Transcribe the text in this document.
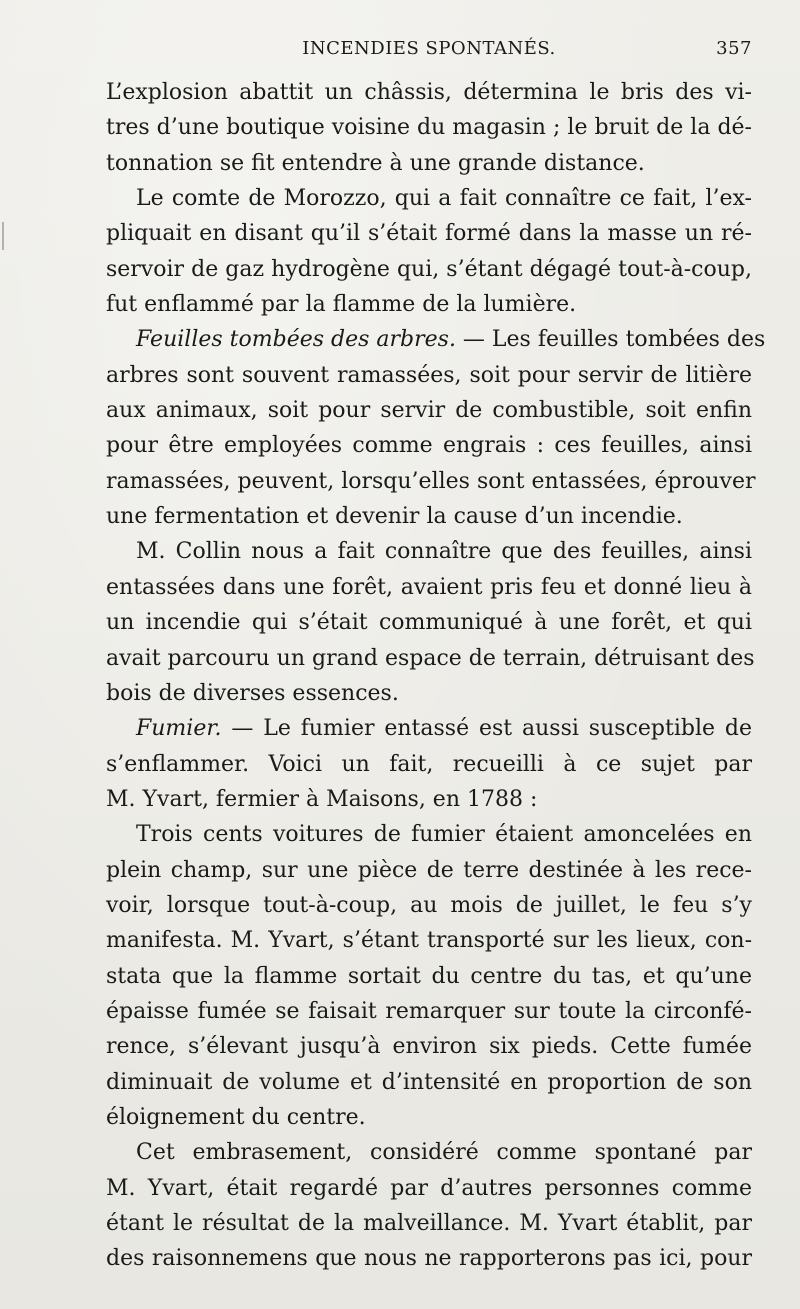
INCENDIES SPONTANÉS.	357
L’explosion abattit un châssis, détermina le bris des vi-
tres d’une boutique voisine du magasin ; le bruit de la dé-
tonnation se fit entendre à une grande distance.
Le comte de Morozzo, qui a fait connaître ce fait, l’ex-
pliquait en disant qu’il s’était formé dans la masse un ré-
servoir de gaz hydrogène qui, s’étant dégagé tout-à-coup,
fut enflammé par la flamme de la lumière.
Feuilles tombées des arbres. — Les feuilles tombées des
arbres sont souvent ramassées, soit pour servir de litière
aux animaux, soit pour servir de combustible, soit enfin
pour être employées comme engrais : ces feuilles, ainsi
ramassées, peuvent, lorsqu’elles sont entassées, éprouver
une fermentation et devenir la cause d’un incendie.
M. Collin nous a fait connaître que des feuilles, ainsi
entassées dans une forêt, avaient pris feu et donné lieu à
un incendie qui s’était communiqué à une forêt, et qui
avait parcouru un grand espace de terrain, détruisant des
bois de diverses essences.
Fumier. — Le fumier entassé est aussi susceptible de
s’enflammer. Voici un fait, recueilli à ce sujet par
M. Yvart, fermier à Maisons, en 1788 :
Trois cents voitures de fumier étaient amoncelées en
plein champ, sur une pièce de terre destinée à les rece-
voir, lorsque tout-à-coup, au mois de juillet, le feu s’y
manifesta. M. Yvart, s’étant transporté sur les lieux, con-
stata que la flamme sortait du centre du tas, et qu’une
épaisse fumée se faisait remarquer sur toute la circonfé-
rence, s’élevant jusqu’à environ six pieds. Cette fumée
diminuait de volume et d’intensité en proportion de son
éloignement du centre.
Cet embrasement, considéré comme spontané par
M. Yvart, était regardé par d’autres personnes comme
étant le résultat de la malveillance. M. Yvart établit, par
des raisonnemens que nous ne rapporterons pas ici, pour
